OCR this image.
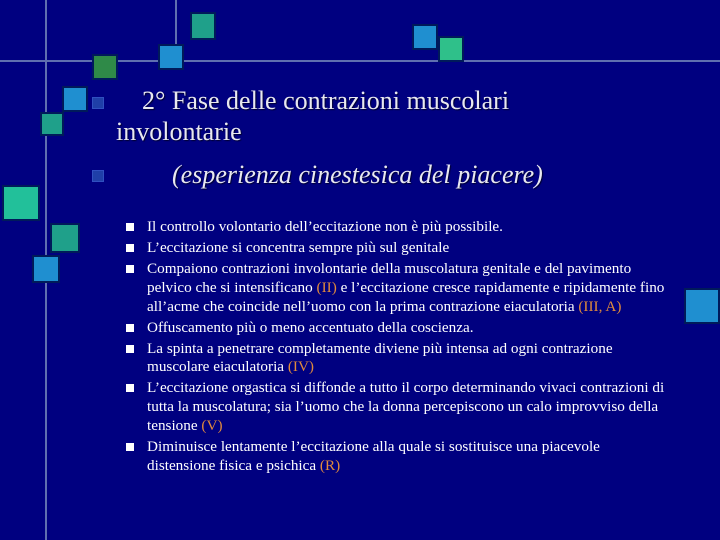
2° Fase delle contrazioni muscolari
involontarie
(esperienza cinestesica del piacere)
Il controllo volontario dell’eccitazione non è più possibile.
L’eccitazione si concentra sempre più sul genitale
Compaiono contrazioni involontarie della muscolatura genitale e del pavimento pelvico che si intensificano (II) e l’eccitazione cresce rapidamente e ripidamente fino all’acme che coincide nell’uomo con la prima contrazione eiaculatoria (III, A)
Offuscamento più o meno accentuato della coscienza.
La spinta a penetrare completamente diviene più intensa ad ogni contrazione muscolare eiaculatoria (IV)
L’eccitazione orgastica si diffonde a tutto il corpo determinando vivaci contrazioni di tutta la muscolatura; sia l’uomo che la donna percepiscono un calo improvviso della tensione (V)
Diminuisce lentamente l’eccitazione alla quale si sostituisce una piacevole distensione fisica e psichica (R)
